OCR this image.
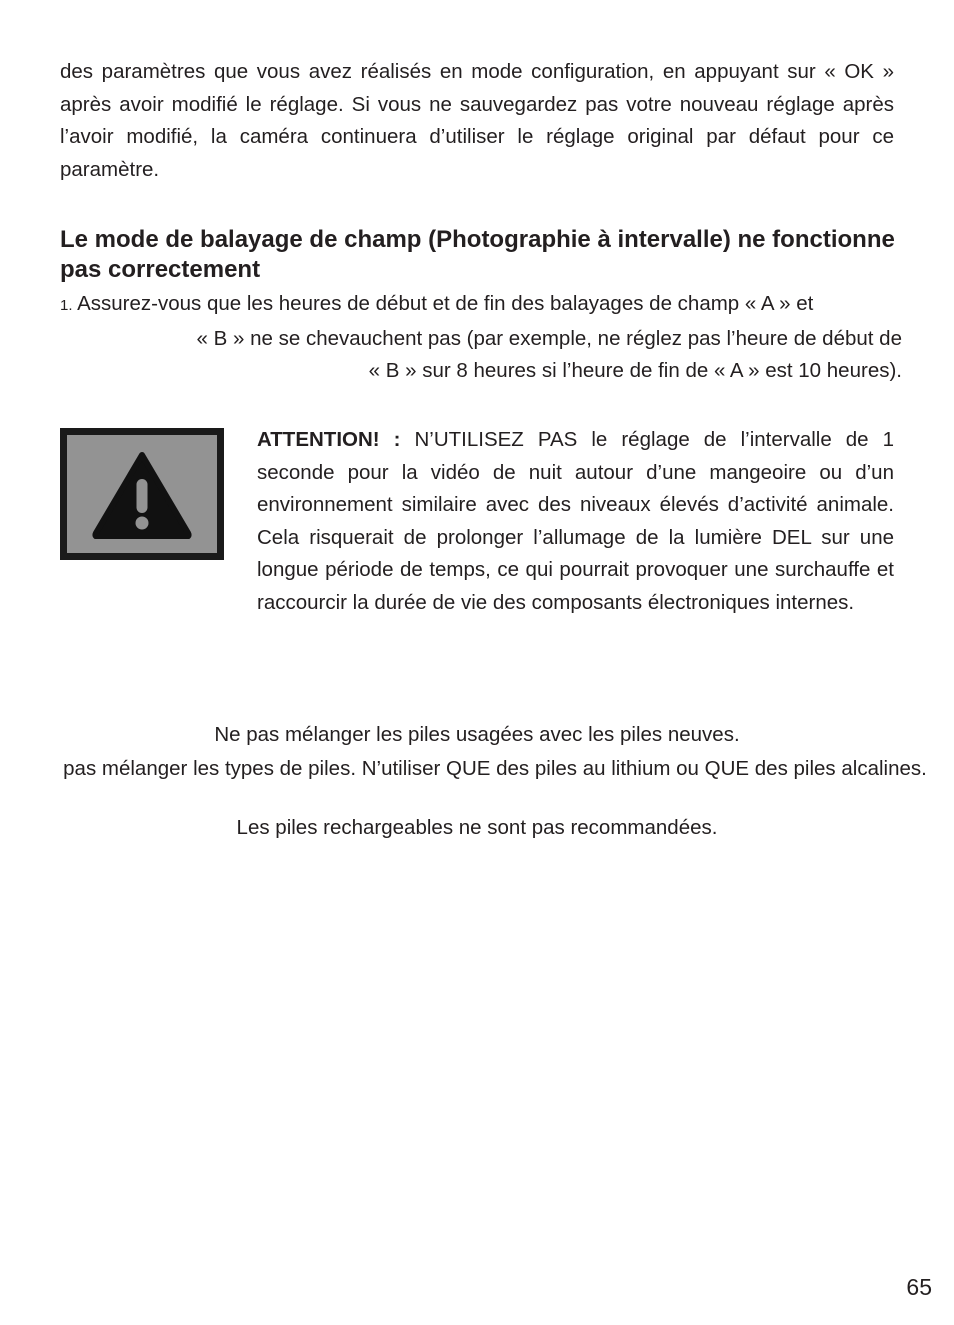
des paramètres que vous avez réalisés en mode configuration, en appuyant sur « OK » après avoir modifié le réglage. Si vous ne sauvegardez pas votre nouveau réglage après l’avoir modifié, la caméra continuera d’utiliser le réglage original par défaut pour ce paramètre.

Le mode de balayage de champ (Photographie à intervalle) ne fonctionne pas correctement
1. Assurez-vous que les heures de début et de fin des balayages de champ « A » et
« B » ne se chevauchent pas (par exemple, ne réglez pas l’heure de début de
« B » sur 8 heures si l’heure de fin de « A » est 10 heures).

ATTENTION! : N’UTILISEZ PAS le réglage de l’intervalle de 1 seconde pour la vidéo de nuit autour d’une mangeoire ou d’un environnement similaire avec des niveaux élevés d’activité animale. Cela risquerait de prolonger l’allumage de la lumière DEL sur une longue période de temps, ce qui pourrait provoquer une surchauffe et raccourcir la durée de vie des composants électroniques internes.

Ne pas mélanger les piles usagées avec les piles neuves.

pas mélanger les types de piles. N’utiliser QUE des piles au lithium ou QUE des piles alcalines.

Les piles rechargeables ne sont pas recommandées.

65
